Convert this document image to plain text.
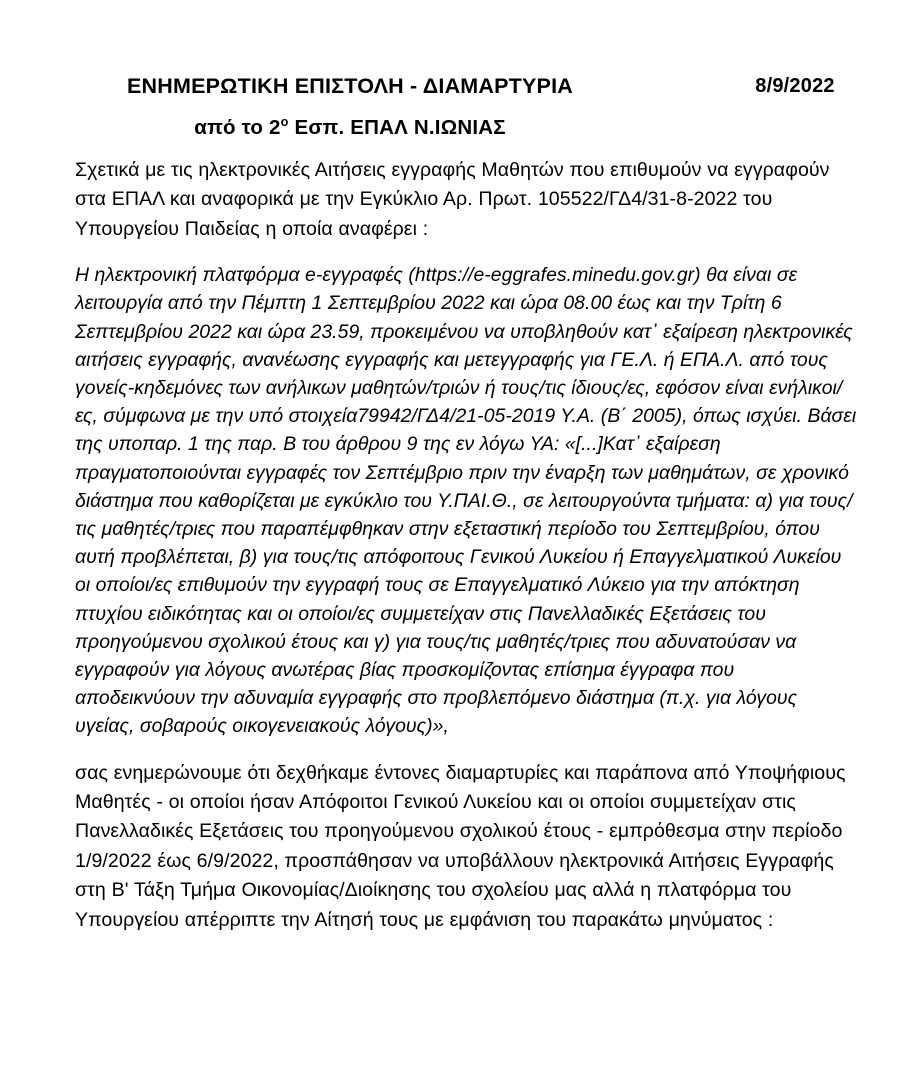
ΕΝΗΜΕΡΩΤΙΚΗ ΕΠΙΣΤΟΛΗ - ΔΙΑΜΑΡΤΥΡΙΑ	8/9/2022
από το $2^o$ Εσπ. ΕΠΑΛ Ν.ΙΩΝΙΑΣ

Σχετικά με τις ηλεκτρονικές Αιτήσεις εγγραφής Μαθητών που επιθυμούν να εγγραφούν στα ΕΠΑΛ και αναφορικά με την Εγκύκλιο Αρ. Πρωτ. 105522/ΓΔ4/31-8-2022 του Υπουργείου Παιδείας η οποία αναφέρει :

Η ηλεκτρονική πλατφόρμα e-εγγραφές (https://e-eggrafes.minedu.gov.gr) θα είναι σε λειτουργία από την Πέμπτη 1 Σεπτεμβρίου 2022 και ώρα 08.00 έως και την Τρίτη 6 Σεπτεμβρίου 2022 και ώρα 23.59, προκειμένου να υποβληθούν κατ᾽ εξαίρεση ηλεκτρονικές αιτήσεις εγγραφής, ανανέωσης εγγραφής και μετεγγραφής για ΓΕ.Λ. ή ΕΠΑ.Λ. από τους γονείς-κηδεμόνες των ανήλικων μαθητών/τριών ή τους/τις ίδιους/ες, εφόσον είναι ενήλικοι/ες, σύμφωνα με την υπό στοιχεία79942/ΓΔ4/21-05-2019 Υ.Α. (Β΄ 2005), όπως ισχύει. Βάσει της υποπαρ. 1 της παρ. Β του άρθρου 9 της εν λόγω ΥΑ: «[...]Κατ᾽ εξαίρεση πραγματοποιούνται εγγραφές τον Σεπτέμβριο πριν την έναρξη των μαθημάτων, σε χρονικό διάστημα που καθορίζεται με εγκύκλιο του Υ.ΠΑΙ.Θ., σε λειτουργούντα τμήματα: α) για τους/τις μαθητές/τριες που παραπέμφθηκαν στην εξεταστική περίοδο του Σεπτεμβρίου, όπου αυτή προβλέπεται, β) για τους/τις απόφοιτους Γενικού Λυκείου ή Επαγγελματικού Λυκείου οι οποίοι/ες επιθυμούν την εγγραφή τους σε Επαγγελματικό Λύκειο για την απόκτηση πτυχίου ειδικότητας και οι οποίοι/ες συμμετείχαν στις Πανελλαδικές Εξετάσεις του προηγούμενου σχολικού έτους και γ) για τους/τις μαθητές/τριες που αδυνατούσαν να εγγραφούν για λόγους ανωτέρας βίας προσκομίζοντας επίσημα έγγραφα που αποδεικνύουν την αδυναμία εγγραφής στο προβλεπόμενο διάστημα (π.χ. για λόγους υγείας, σοβαρούς οικογενειακούς λόγους)»,

σας ενημερώνουμε ότι δεχθήκαμε έντονες διαμαρτυρίες και παράπονα από Υποψήφιους Μαθητές - οι οποίοι ήσαν Απόφοιτοι Γενικού Λυκείου και οι οποίοι συμμετείχαν στις Πανελλαδικές Εξετάσεις του προηγούμενου σχολικού έτους - εμπρόθεσμα στην περίοδο 1/9/2022 έως 6/9/2022, προσπάθησαν να υποβάλλουν ηλεκτρονικά Αιτήσεις Εγγραφής στη Β' Τάξη Τμήμα Οικονομίας/Διοίκησης του σχολείου μας αλλά η πλατφόρμα του Υπουργείου απέρριπτε την Αίτησή τους με εμφάνιση του παρακάτω μηνύματος :
